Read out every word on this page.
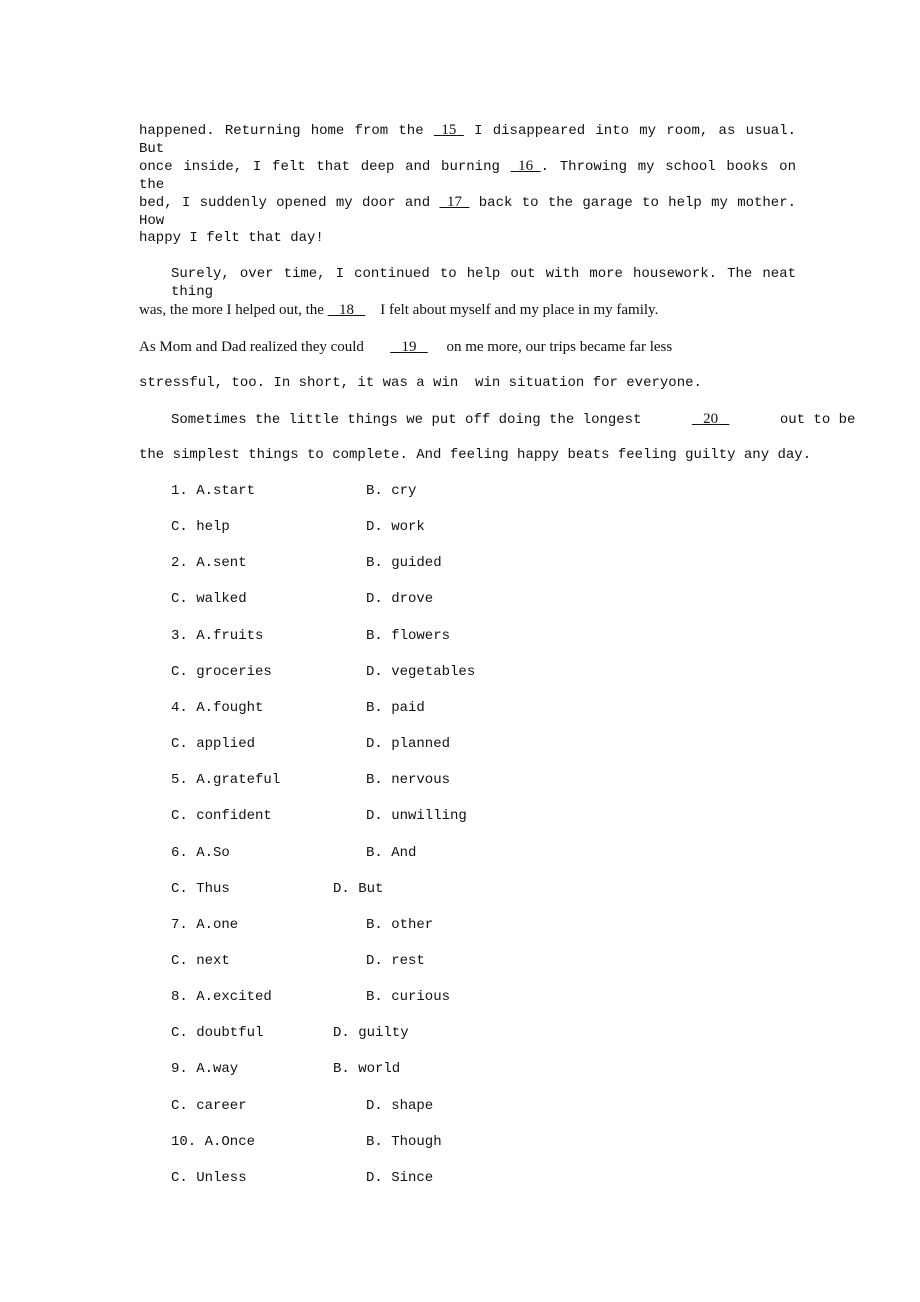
happened. Returning home from the 15 I disappeared into my room, as usual. But
once inside, I felt that deep and burning 16 . Throwing my school books on the
bed, I suddenly opened my door and 17 back to the garage to help my mother. How
happy I felt that day!
Surely, over time, I continued to help out with more housework. The neat thing
was, the more I helped out, the 18 I felt about myself and my place in my family.
As Mom and Dad realized they could	19 on me more, our trips became far less
stressful, too. In short, it was a win  win situation for everyone.
Sometimes the little things we put off doing the longest	20	out to be
the simplest things to complete. And feeling happy beats feeling guilty any day.
1. A.start	B. cry
C. help	D. work
2. A.sent	B. guided
C. walked	D. drove
3. A.fruits	B. flowers
C. groceries	D. vegetables
4. A.fought	B. paid
C. applied	D. planned
5. A.grateful	B. nervous
C. confident	D. unwilling
6. A.So	B. And
C. Thus	D. But
7. A.one	B. other
C. next	D. rest
8. A.excited	B. curious
C. doubtful	D. guilty
9. A.way	B. world
C. career	D. shape
10. A.Once	B. Though
C. Unless	D. Since
